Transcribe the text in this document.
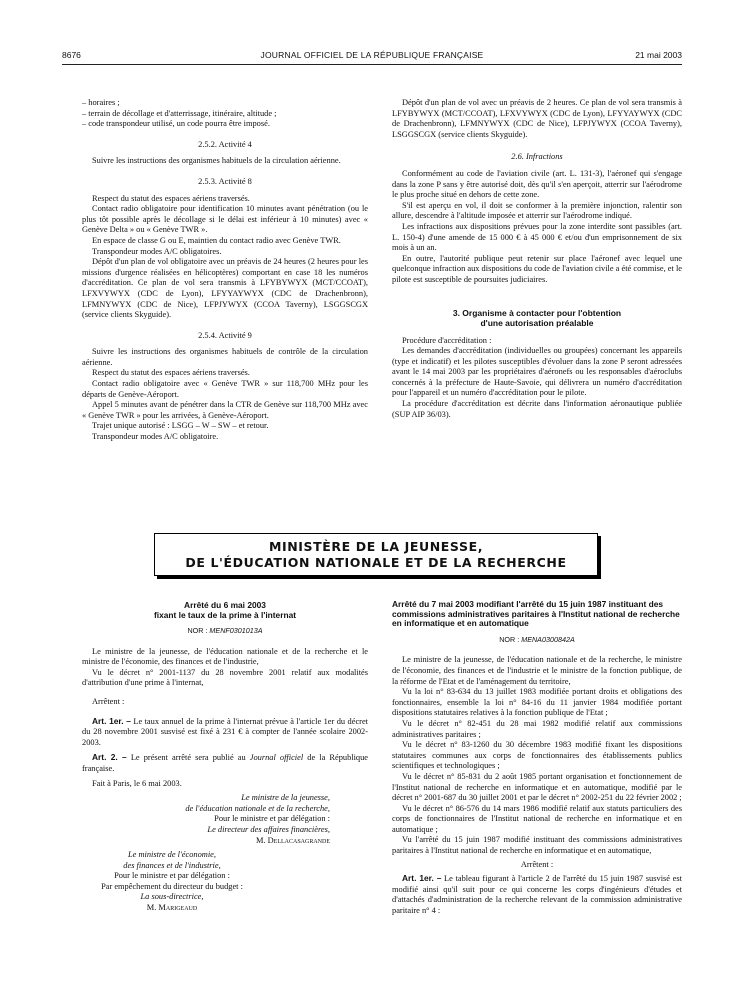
8676	JOURNAL OFFICIEL DE LA RÉPUBLIQUE FRANÇAISE	21 mai 2003
– horaires ;
– terrain de décollage et d'atterrissage, itinéraire, altitude ;
– code transpondeur utilisé, un code pourra être imposé.
2.5.2. Activité 4

Suivre les instructions des organismes habituels de la circulation aérienne.

2.5.3. Activité 8

Respect du statut des espaces aériens traversés.

Contact radio obligatoire pour identification 10 minutes avant pénétration (ou le plus tôt possible après le décollage si le délai est inférieur à 10 minutes) avec « Genève Delta » ou « Genève TWR ».

En espace de classe G ou E, maintien du contact radio avec Genève TWR.

Transpondeur modes A/C obligatoires.

Dépôt d'un plan de vol obligatoire avec un préavis de 24 heures (2 heures pour les missions d'urgence réalisées en hélicoptères) comportant en case 18 les numéros d'accréditation. Ce plan de vol sera transmis à LFYBYWYX (MCT/CCOAT), LFXVYWYX (CDC de Lyon), LFYYAYWYX (CDC de Drachenbronn), LFMNYWYX (CDC de Nice), LFPJYWYX (CCOA Taverny), LSGGSCGX (service clients Skyguide).

2.5.4. Activité 9

Suivre les instructions des organismes habituels de contrôle de la circulation aérienne.

Respect du statut des espaces aériens traversés.

Contact radio obligatoire avec « Genève TWR » sur 118,700 MHz pour les départs de Genève-Aéroport.

Appel 5 minutes avant de pénétrer dans la CTR de Genève sur 118,700 MHz avec « Genève TWR » pour les arrivées, à Genève-Aéroport.

Trajet unique autorisé : LSGG – W – SW – et retour.

Transpondeur modes A/C obligatoire.

Dépôt d'un plan de vol avec un préavis de 2 heures. Ce plan de vol sera transmis à LFYBYWYX (MCT/CCOAT), LFXVYWYX (CDC de Lyon), LFYYAYWYX (CDC de Drachenbronn), LFMNYWYX (CDC de Nice), LFPJYWYX (CCOA Taverny), LSGGSCGX (service clients Skyguide).

2.6. Infractions

Conformément au code de l'aviation civile (art. L. 131-3), l'aéronef qui s'engage dans la zone P sans y être autorisé doit, dès qu'il s'en aperçoit, atterrir sur l'aérodrome le plus proche situé en dehors de cette zone.

S'il est aperçu en vol, il doit se conformer à la première injonction, ralentir son allure, descendre à l'altitude imposée et atterrir sur l'aérodrome indiqué.

Les infractions aux dispositions prévues pour la zone interdite sont passibles (art. L. 150-4) d'une amende de 15 000 € à 45 000 € et/ou d'un emprisonnement de six mois à un an.

En outre, l'autorité publique peut retenir sur place l'aéronef avec lequel une quelconque infraction aux dispositions du code de l'aviation civile a été commise, et le pilote est susceptible de poursuites judiciaires.

3. Organisme à contacter pour l'obtention
d'une autorisation préalable

Procédure d'accréditation :

Les demandes d'accréditation (individuelles ou groupées) concernant les appareils (type et indicatif) et les pilotes susceptibles d'évoluer dans la zone P seront adressées avant le 14 mai 2003 par les propriétaires d'aéronefs ou les responsables d'aéroclubs concernés à la préfecture de Haute-Savoie, qui délivrera un numéro d'accréditation pour l'appareil et un numéro d'accréditation pour le pilote.

La procédure d'accréditation est décrite dans l'information aéronautique publiée (SUP AIP 36/03).

MINISTÈRE DE LA JEUNESSE,
DE L'ÉDUCATION NATIONALE ET DE LA RECHERCHE
Arrêté du 6 mai 2003
fixant le taux de la prime à l'internat
NOR : MENF0301013A

Le ministre de la jeunesse, de l'éducation nationale et de la recherche et le ministre de l'économie, des finances et de l'industrie,

Vu le décret n° 2001-1137 du 28 novembre 2001 relatif aux modalités d'attribution d'une prime à l'internat,

Arrêtent :

Art. 1er. – Le taux annuel de la prime à l'internat prévue à l'article 1er du décret du 28 novembre 2001 susvisé est fixé à 231 € à compter de l'année scolaire 2002-2003.

Art. 2. – Le présent arrêté sera publié au Journal officiel de la République française.

Fait à Paris, le 6 mai 2003.

Le ministre de la jeunesse,
de l'éducation nationale et de la recherche,
Pour le ministre et par délégation :
Le directeur des affaires financières,
M. Dellacasagrande
Le ministre de l'économie,
des finances et de l'industrie,
Pour le ministre et par délégation :
Par empêchement du directeur du budget :
La sous-directrice,
M. Marigeaud
Arrêté du 7 mai 2003 modifiant l'arrêté du 15 juin 1987 instituant des commissions administratives paritaires à l'Institut national de recherche en informatique et en automatique
NOR : MENA0300842A

Le ministre de la jeunesse, de l'éducation nationale et de la recherche, le ministre de l'économie, des finances et de l'industrie et le ministre de la fonction publique, de la réforme de l'Etat et de l'aménagement du territoire,

Vu la loi n° 83-634 du 13 juillet 1983 modifiée portant droits et obligations des fonctionnaires, ensemble la loi n° 84-16 du 11 janvier 1984 modifiée portant dispositions statutaires relatives à la fonction publique de l'Etat ;

Vu le décret n° 82-451 du 28 mai 1982 modifié relatif aux commissions administratives paritaires ;

Vu le décret n° 83-1260 du 30 décembre 1983 modifié fixant les dispositions statutaires communes aux corps de fonctionnaires des établissements publics scientifiques et technologiques ;

Vu le décret n° 85-831 du 2 août 1985 portant organisation et fonctionnement de l'Institut national de recherche en informatique et en automatique, modifié par le décret n° 2001-687 du 30 juillet 2001 et par le décret n° 2002-251 du 22 février 2002 ;

Vu le décret n° 86-576 du 14 mars 1986 modifié relatif aux statuts particuliers des corps de fonctionnaires de l'Institut national de recherche en informatique et en automatique ;

Vu l'arrêté du 15 juin 1987 modifié instituant des commissions administratives paritaires à l'Institut national de recherche en informatique et en automatique,

Arrêtent :

Art. 1er. – Le tableau figurant à l'article 2 de l'arrêté du 15 juin 1987 susvisé est modifié ainsi qu'il suit pour ce qui concerne les corps d'ingénieurs d'études et d'attachés d'administration de la recherche relevant de la commission administrative paritaire n° 4 :
